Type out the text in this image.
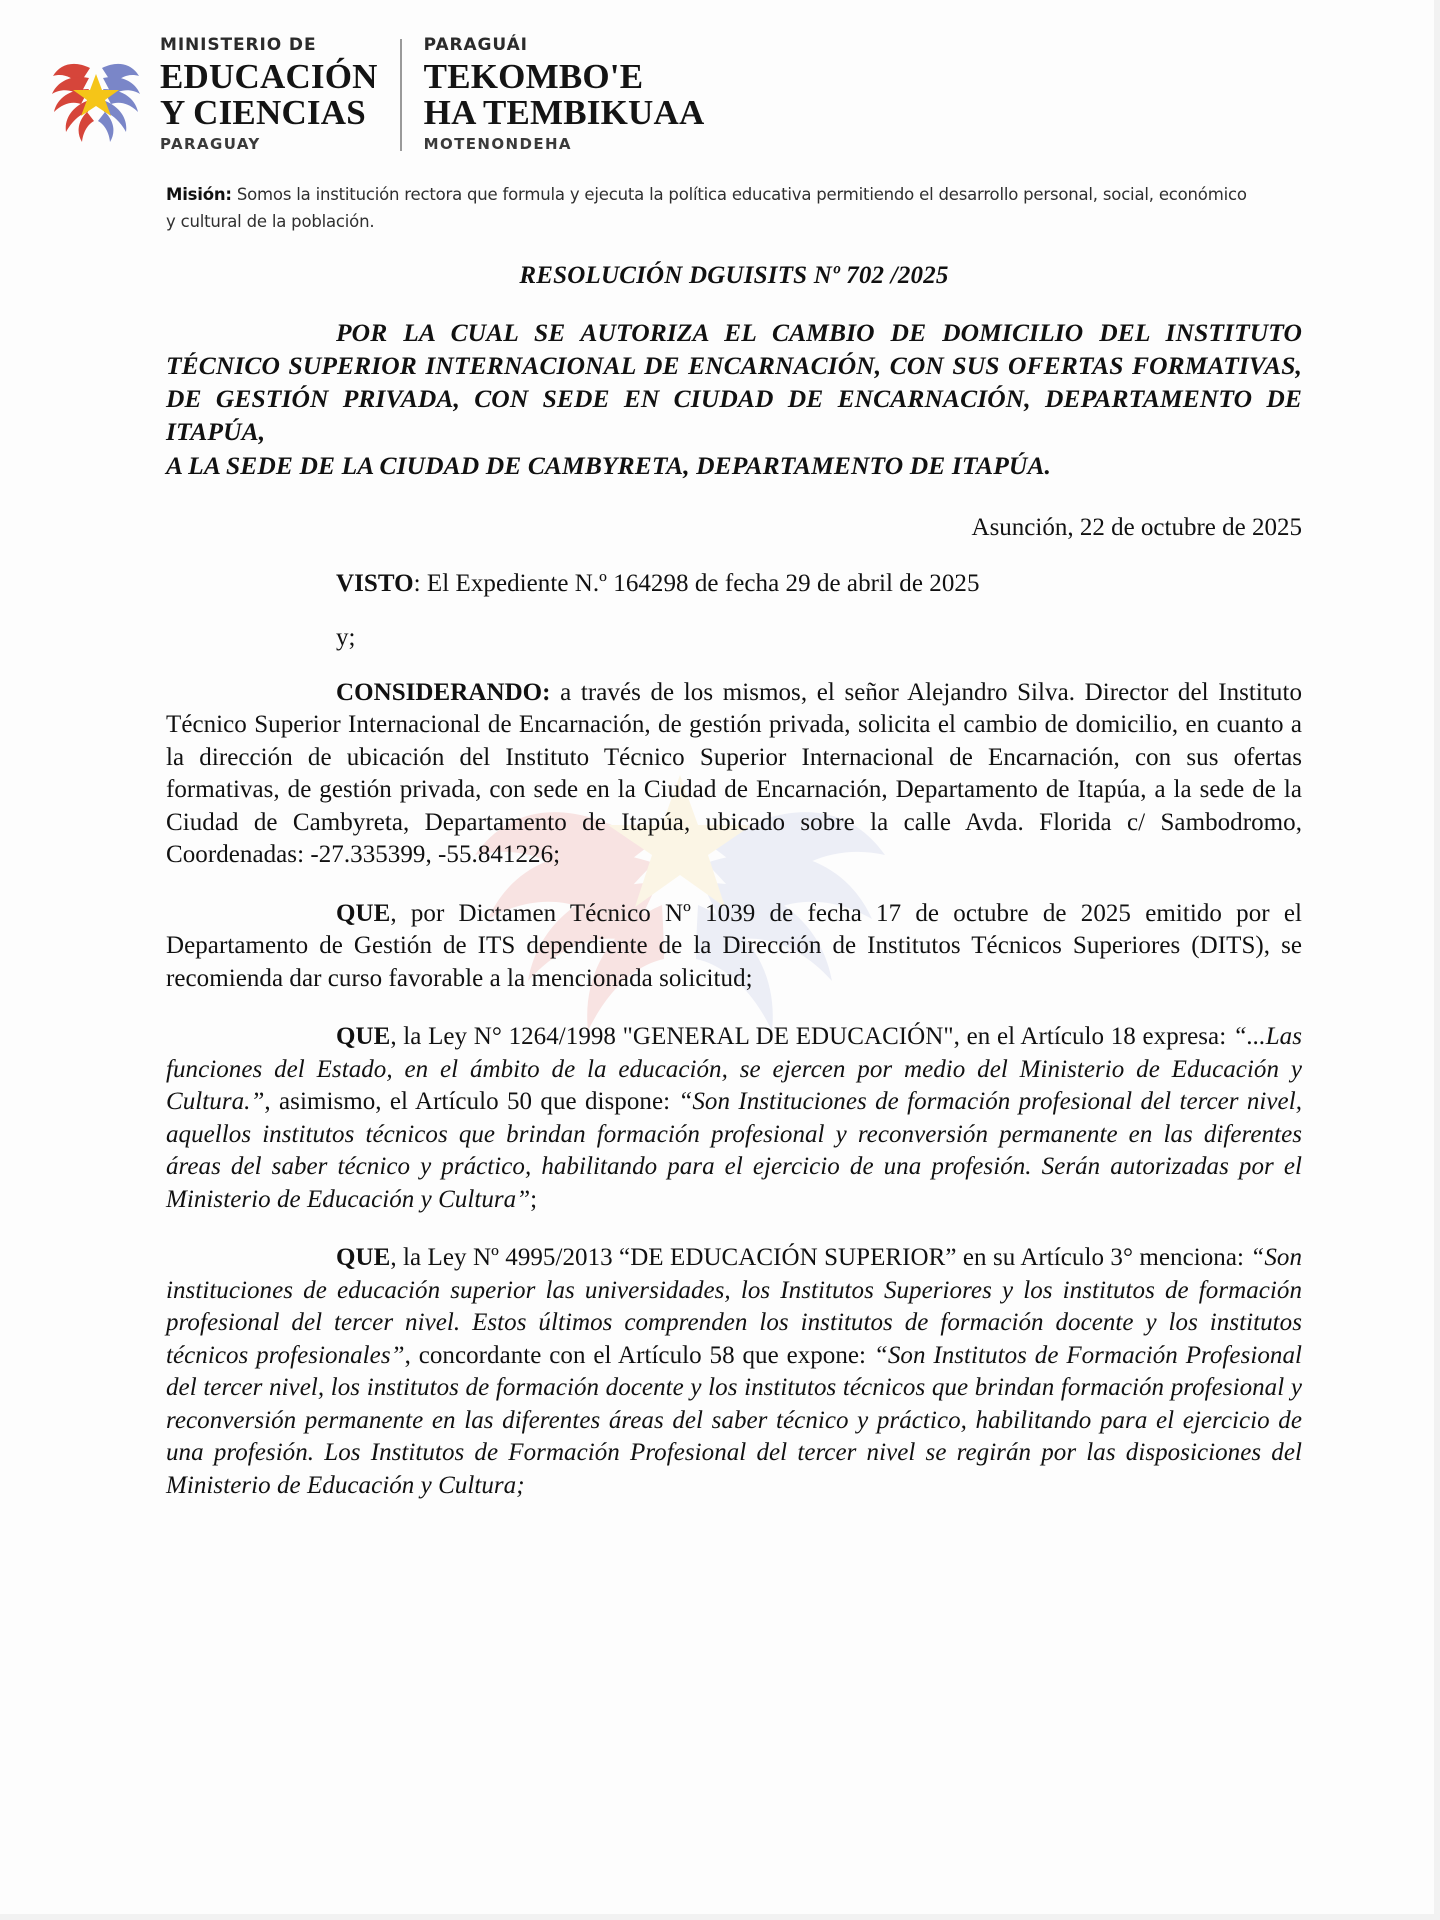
MINISTERIO DE
EDUCACIÓN
Y CIENCIAS
PARAGUAY
PARAGUÁI
TEKOMBO'E
HA TEMBIKUAA
MOTENONDEHA
Misión: Somos la institución rectora que formula y ejecuta la política educativa permitiendo el desarrollo personal, social, económico y cultural de la población.
RESOLUCIÓN DGUISITS Nº 702 /2025
POR LA CUAL SE AUTORIZA EL CAMBIO DE DOMICILIO DEL INSTITUTO TÉCNICO SUPERIOR INTERNACIONAL DE ENCARNACIÓN, CON SUS OFERTAS FORMATIVAS, DE GESTIÓN PRIVADA, CON SEDE EN CIUDAD DE ENCARNACIÓN, DEPARTAMENTO DE ITAPÚA,
A LA SEDE DE LA CIUDAD DE CAMBYRETA, DEPARTAMENTO DE ITAPÚA.
Asunción, 22 de octubre de 2025

VISTO: El Expediente N.º 164298 de fecha 29 de abril de 2025

y;

CONSIDERANDO: a través de los mismos, el señor Alejandro Silva. Director del Instituto Técnico Superior Internacional de Encarnación, de gestión privada, solicita el cambio de domicilio, en cuanto a la dirección de ubicación del Instituto Técnico Superior Internacional de Encarnación, con sus ofertas formativas, de gestión privada, con sede en la Ciudad de Encarnación, Departamento de Itapúa, a la sede de la Ciudad de Cambyreta, Departamento de Itapúa, ubicado sobre la calle Avda. Florida c/ Sambodromo, Coordenadas: -27.335399, -55.841226;

QUE, por Dictamen Técnico Nº 1039 de fecha 17 de octubre de 2025 emitido por el Departamento de Gestión de ITS dependiente de la Dirección de Institutos Técnicos Superiores (DITS), se recomienda dar curso favorable a la mencionada solicitud;

QUE, la Ley N° 1264/1998 "GENERAL DE EDUCACIÓN", en el Artículo 18 expresa: “...Las funciones del Estado, en el ámbito de la educación, se ejercen por medio del Ministerio de Educación y Cultura.”, asimismo, el Artículo 50 que dispone: “Son Instituciones de formación profesional del tercer nivel, aquellos institutos técnicos que brindan formación profesional y reconversión permanente en las diferentes áreas del saber técnico y práctico, habilitando para el ejercicio de una profesión. Serán autorizadas por el Ministerio de Educación y Cultura”;

QUE, la Ley Nº 4995/2013 “DE EDUCACIÓN SUPERIOR” en su Artículo 3° menciona: “Son instituciones de educación superior las universidades, los Institutos Superiores y los institutos de formación profesional del tercer nivel. Estos últimos comprenden los institutos de formación docente y los institutos técnicos profesionales”, concordante con el Artículo 58 que expone: “Son Institutos de Formación Profesional del tercer nivel, los institutos de formación docente y los institutos técnicos que brindan formación profesional y reconversión permanente en las diferentes áreas del saber técnico y práctico, habilitando para el ejercicio de una profesión. Los Institutos de Formación Profesional del tercer nivel se regirán por las disposiciones del Ministerio de Educación y Cultura;
